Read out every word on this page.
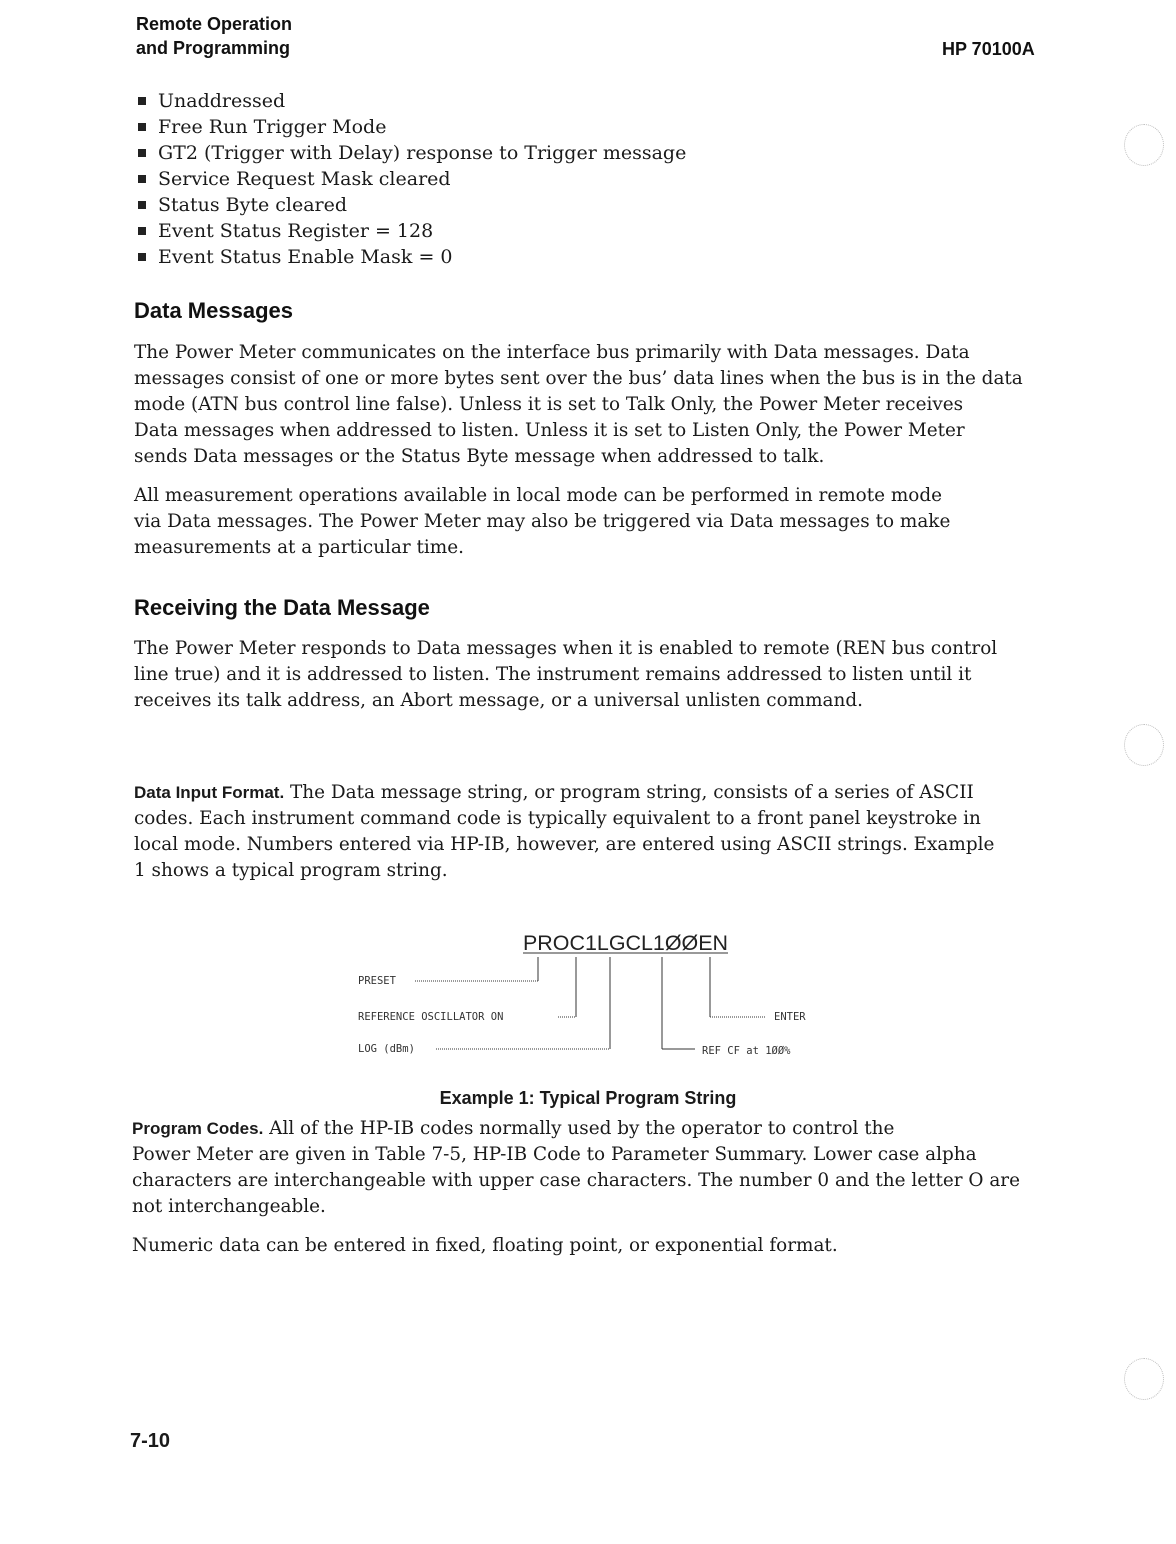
Remote Operation
and Programming	HP 70100A
Unaddressed
Free Run Trigger Mode
GT2 (Trigger with Delay) response to Trigger message
Service Request Mask cleared
Status Byte cleared
Event Status Register = 128
Event Status Enable Mask = 0
Data Messages
The Power Meter communicates on the interface bus primarily with Data messages. Data
messages consist of one or more bytes sent over the bus’ data lines when the bus is in the data
mode (ATN bus control line false). Unless it is set to Talk Only, the Power Meter receives
Data messages when addressed to listen. Unless it is set to Listen Only, the Power Meter
sends Data messages or the Status Byte message when addressed to talk.
All measurement operations available in local mode can be performed in remote mode
via Data messages. The Power Meter may also be triggered via Data messages to make
measurements at a particular time.
Receiving the Data Message
The Power Meter responds to Data messages when it is enabled to remote (REN bus control
line true) and it is addressed to listen. The instrument remains addressed to listen until it
receives its talk address, an Abort message, or a universal unlisten command.
Data Input Format. The Data message string, or program string, consists of a series of ASCII
codes. Each instrument command code is typically equivalent to a front panel keystroke in
local mode. Numbers entered via HP-IB, however, are entered using ASCII strings. Example
1 shows a typical program string.
PROC1LGCL1ØØEN
PRESET
REFERENCE OSCILLATOR ON
LOG (dBm)
ENTER
REF CF at 1ØØ%
Example 1: Typical Program String
Program Codes. All of the HP-IB codes normally used by the operator to control the
Power Meter are given in Table 7-5, HP-IB Code to Parameter Summary. Lower case alpha
characters are interchangeable with upper case characters. The number 0 and the letter O are
not interchangeable.
Numeric data can be entered in fixed, floating point, or exponential format.
7-10
